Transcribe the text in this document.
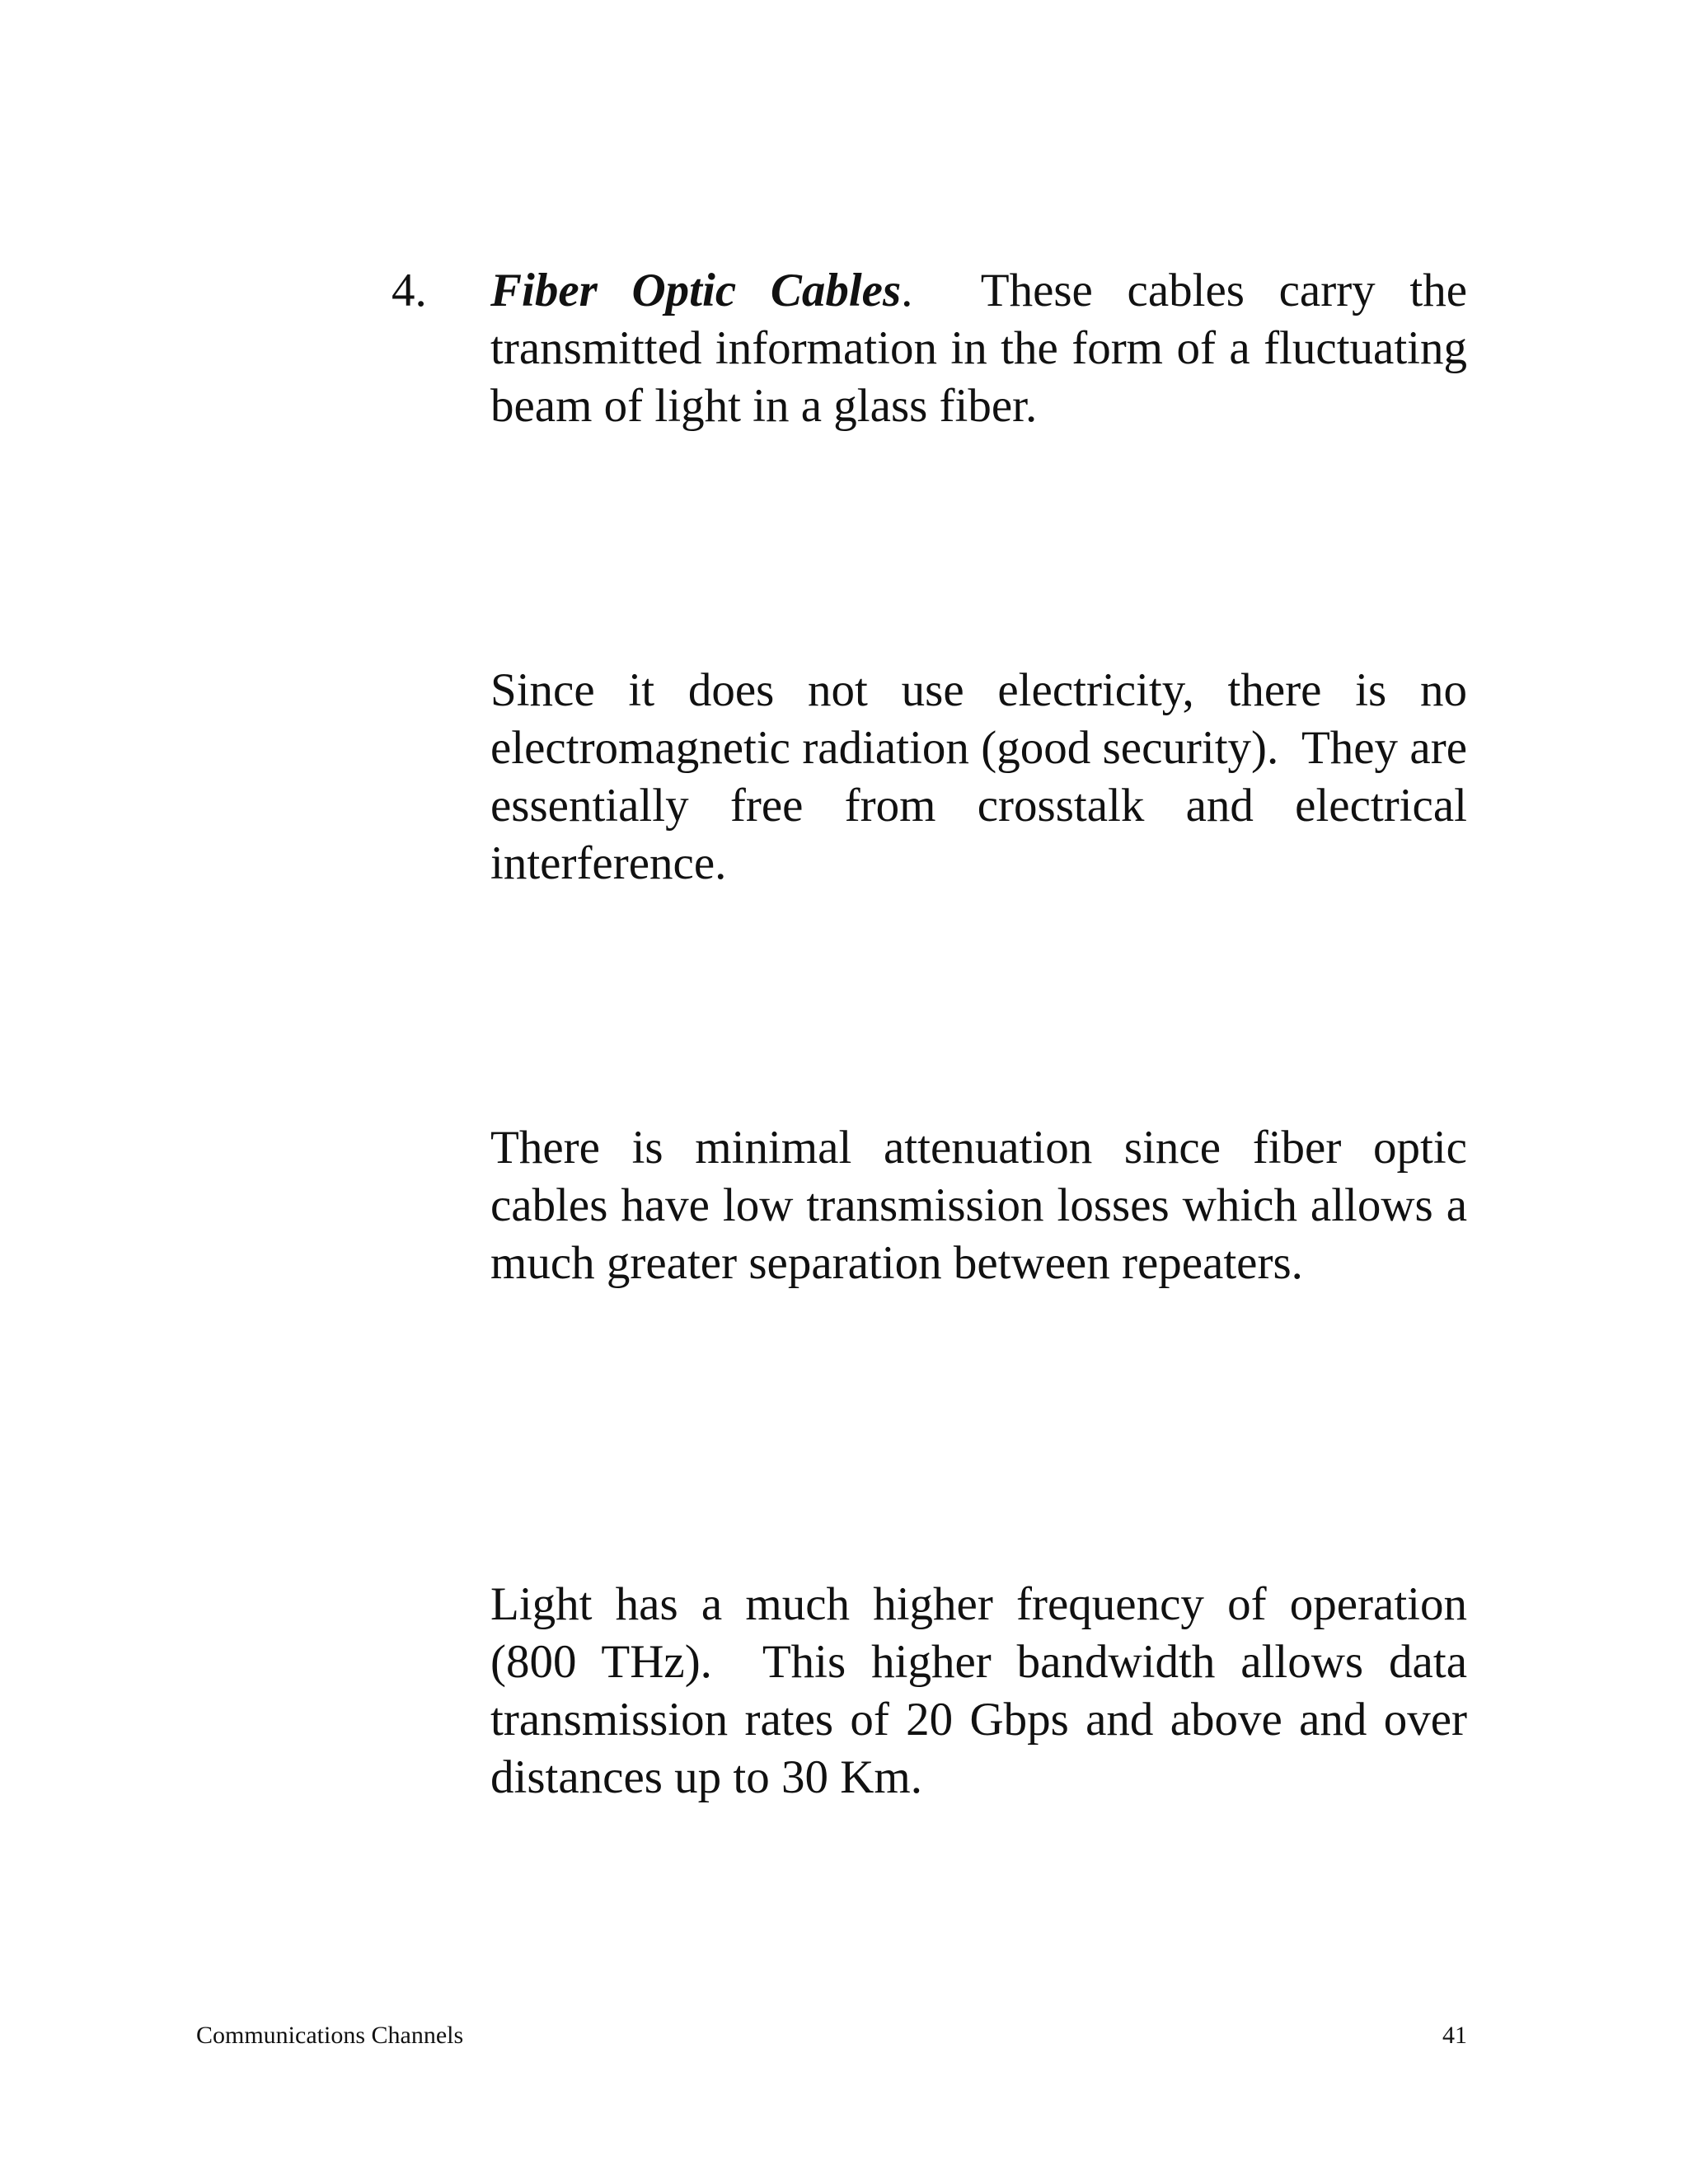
4. Fiber Optic Cables.  These cables carry the transmitted information in the form of a fluctuating beam of light in a glass fiber.

Since it does not use electricity, there is no electromagnetic radiation (good security).  They are essentially free from crosstalk and electrical interference.

There is minimal attenuation since fiber optic cables have low transmission losses which allows a much greater separation between repeaters.

Light has a much higher frequency of operation (800 THz).  This higher bandwidth allows data transmission rates of 20 Gbps and above and over distances up to 30 Km.

Communications Channels	41
